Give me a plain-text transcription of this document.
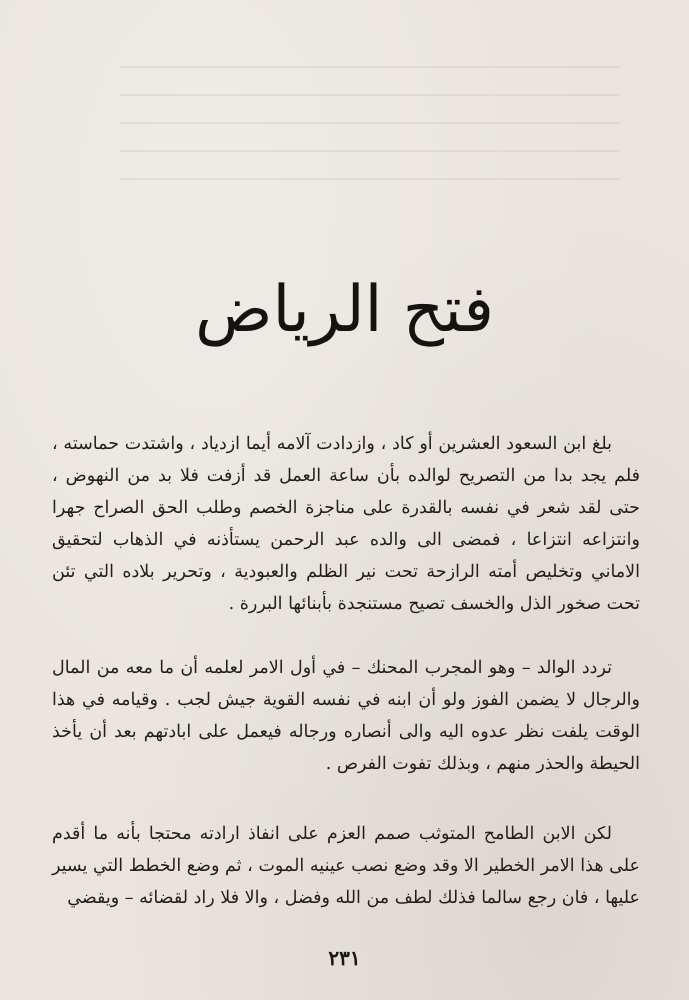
فتح الرياض

بلغ ابن السعود العشرين أو كاد ، وازدادت آلامه أيما ازدياد ، واشتدت حماسته ، فلم يجد بدا من التصريح لوالده بأن ساعة العمل قد أزفت فلا بد من النهوض ، حتى لقد شعر في نفسه بالقدرة على مناجزة الخصم وطلب الحق الصراح جهرا وانتزاعه انتزاعا ، فمضى الى والده عبد الرحمن يستأذنه في الذهاب لتحقيق الاماني وتخليص أمته الرازحة تحت نير الظلم والعبودية ، وتحرير بلاده التي تئن تحت صخور الذل والخسف تصيح مستنجدة بأبنائها البررة .

تردد الوالد – وهو المجرب المحنك – في أول الامر لعلمه أن ما معه من المال والرجال لا يضمن الفوز ولو أن ابنه في نفسه القوية جيش لجب . وقيامه في هذا الوقت يلفت نظر عدوه اليه والى أنصاره ورجاله فيعمل على ابادتهم بعد أن يأخذ الحيطة والحذر منهم ، وبذلك تفوت الفرص .

لكن الابن الطامح المتوثب صمم العزم على انفاذ ارادته محتجا بأنه ما أقدم على هذا الامر الخطير الا وقد وضع نصب عينيه الموت ، ثم وضع الخطط التي يسير عليها ، فان رجع سالما فذلك لطف من الله وفضل ، والا فلا راد لقضائه – ويقضي

٢٣١
